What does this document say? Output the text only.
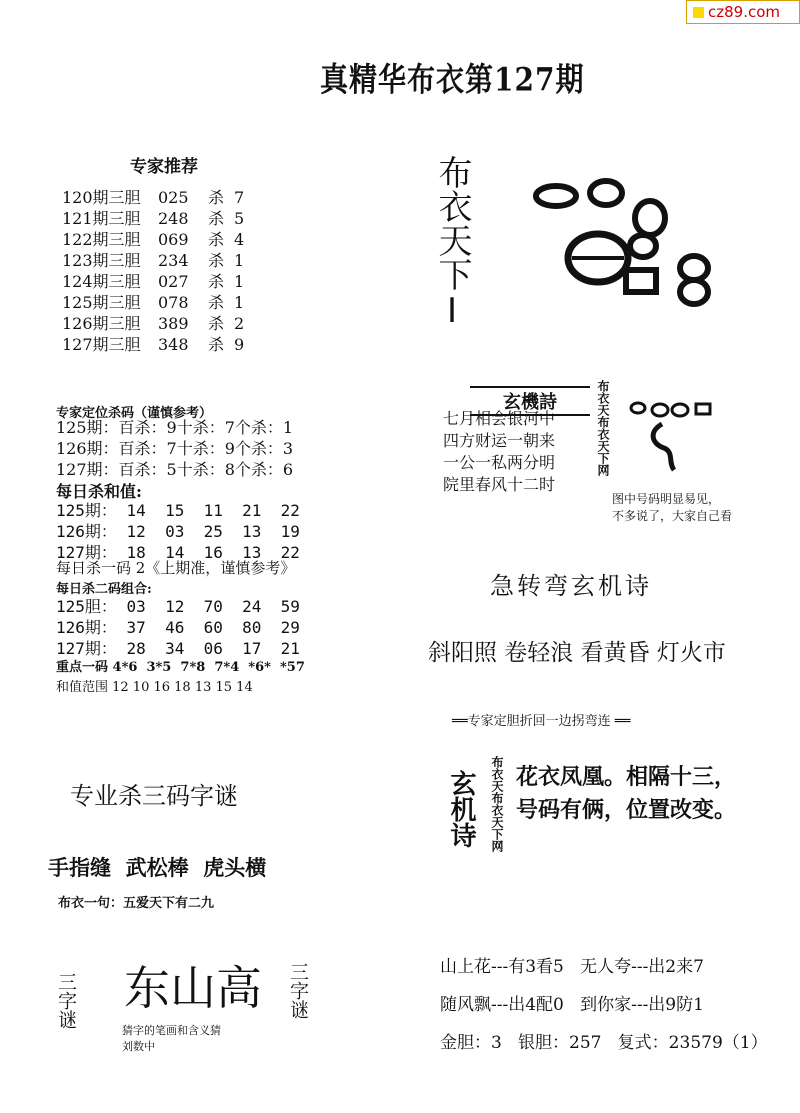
cz89.com
真精华布衣第127期
专家推荐
120期三胆	025	杀 7
121期三胆	248	杀 5
122期三胆	069	杀 4
123期三胆	234	杀 1
124期三胆	027	杀 1
125期三胆	078	杀 1
126期三胆	389	杀 2
127期三胆	348	杀 9
专家定位杀码（谨慎参考）
125期：百杀：9十杀：7个杀：1
126期：百杀：7十杀：9个杀：3
127期：百杀：5十杀：8个杀：6
每日杀和值:
125期： 14  15  11  21  22
126期： 12  03  25  13  19
127期： 18  14  16  13  22
每日杀一码 2《上期准，谨慎参考》
每日杀二码组合:
125胆： 03  12  70  24  59
126期： 37  46  60  80  29
127期： 28  34  06  17  21
重点一码 4*6  3*5  7*8  7*4  *6*  *57
和值范围 12 10 16 18 13 15 14
专业杀三码字谜
手指缝  武松棒  虎头横
布衣一句：五爱天下有二九
三字谜 东山高 三字谜
猜字的笔画和含义猜
刘数中
布衣天下I
玄機詩
七月相会银河中
四方财运一朝来
一公一私两分明
院里春风十二时
布衣天布衣天下网
图中号码明显易见，
不多说了，大家自己看
急转弯玄机诗
斜阳照 卷轻浪 看黄昏 灯火市
══专家定胆折回一边拐弯连 ══
玄机诗 布衣天布衣天下网 花衣凤凰。相隔十三，
号码有俩，位置改变。
山上花---有3看5   无人夸---出2来7
随风飘---出4配0   到你家---出9防1
金胆：3   银胆：257   复式：23579（1）
